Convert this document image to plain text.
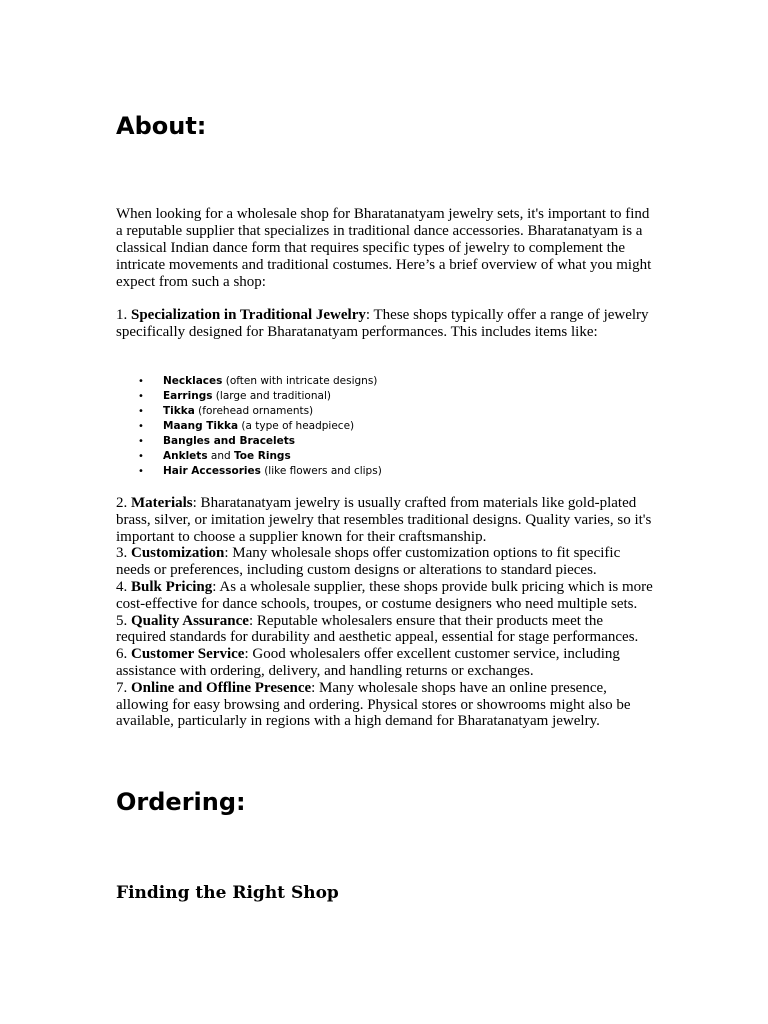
About:

When looking for a wholesale shop for Bharatanatyam jewelry sets, it's important to find a reputable supplier that specializes in traditional dance accessories. Bharatanatyam is a classical Indian dance form that requires specific types of jewelry to complement the intricate movements and traditional costumes. Here’s a brief overview of what you might expect from such a shop:

1. Specialization in Traditional Jewelry: These shops typically offer a range of jewelry specifically designed for Bharatanatyam performances. This includes items like:

• Necklaces (often with intricate designs)
• Earrings (large and traditional)
• Tikka (forehead ornaments)
• Maang Tikka (a type of headpiece)
• Bangles and Bracelets
• Anklets and Toe Rings
• Hair Accessories (like flowers and clips)

2. Materials: Bharatanatyam jewelry is usually crafted from materials like gold-plated brass, silver, or imitation jewelry that resembles traditional designs. Quality varies, so it's important to choose a supplier known for their craftsmanship.

3. Customization: Many wholesale shops offer customization options to fit specific needs or preferences, including custom designs or alterations to standard pieces.

4. Bulk Pricing: As a wholesale supplier, these shops provide bulk pricing which is more cost-effective for dance schools, troupes, or costume designers who need multiple sets.

5. Quality Assurance: Reputable wholesalers ensure that their products meet the required standards for durability and aesthetic appeal, essential for stage performances.

6. Customer Service: Good wholesalers offer excellent customer service, including assistance with ordering, delivery, and handling returns or exchanges.

7. Online and Offline Presence: Many wholesale shops have an online presence, allowing for easy browsing and ordering. Physical stores or showrooms might also be available, particularly in regions with a high demand for Bharatanatyam jewelry.

Ordering:
Finding the Right Shop
